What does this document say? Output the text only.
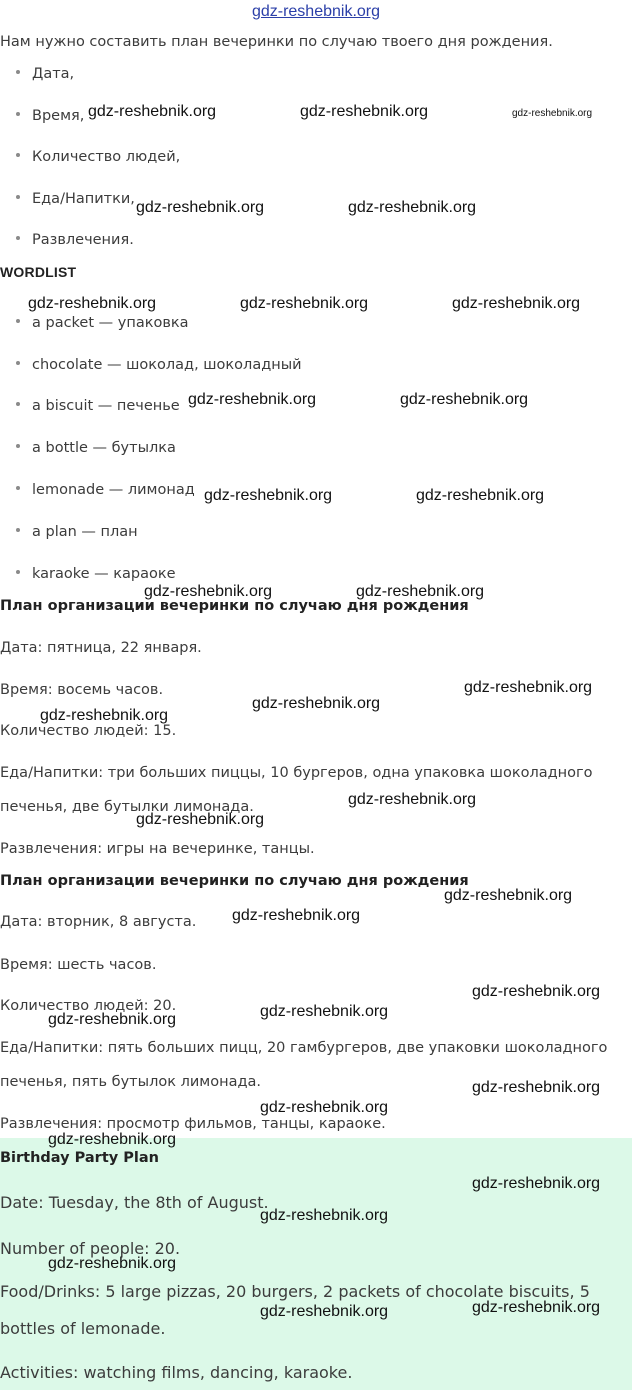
gdz-reshebnik.org
Нам нужно составить план вечеринки по случаю твоего дня рождения.
Дата,
Время,
Количество людей,
Еда/Напитки,
Развлечения.
WORDLIST
a packet — упаковка
chocolate — шоколад, шоколадный
a biscuit — печенье
a bottle — бутылка
lemonade — лимонад
a plan — план
karaoke — караоке
План организации вечеринки по случаю дня рождения
Дата: пятница, 22 января.
Время: восемь часов.
Количество людей: 15.
Еда/Напитки: три больших пиццы, 10 бургеров, одна упаковка шоколадного
печенья, две бутылки лимонада.
Развлечения: игры на вечеринке, танцы.
План организации вечеринки по случаю дня рождения
Дата: вторник, 8 августа.
Время: шесть часов.
Количество людей: 20.
Еда/Напитки: пять больших пицц, 20 гамбургеров, две упаковки шоколадного
печенья, пять бутылок лимонада.
Развлечения: просмотр фильмов, танцы, караоке.
Birthday Party Plan
Date: Tuesday, the 8th of August.
Number of people: 20.
Food/Drinks: 5 large pizzas, 20 burgers, 2 packets of chocolate biscuits, 5
bottles of lemonade.
Activities: watching films, dancing, karaoke.
gdz-reshebnik.org	gdz-reshebnik.org	gdz-reshebnik.org
gdz-reshebnik.org	gdz-reshebnik.org
gdz-reshebnik.org	gdz-reshebnik.org	gdz-reshebnik.org
gdz-reshebnik.org	gdz-reshebnik.org
gdz-reshebnik.org	gdz-reshebnik.org
gdz-reshebnik.org	gdz-reshebnik.org
gdz-reshebnik.org
gdz-reshebnik.org
gdz-reshebnik.org
gdz-reshebnik.org
gdz-reshebnik.org
gdz-reshebnik.org
gdz-reshebnik.org
gdz-reshebnik.org
gdz-reshebnik.org
gdz-reshebnik.org
gdz-reshebnik.org
gdz-reshebnik.org
gdz-reshebnik.org
gdz-reshebnik.org
gdz-reshebnik.org
gdz-reshebnik.org
gdz-reshebnik.org
gdz-reshebnik.org
